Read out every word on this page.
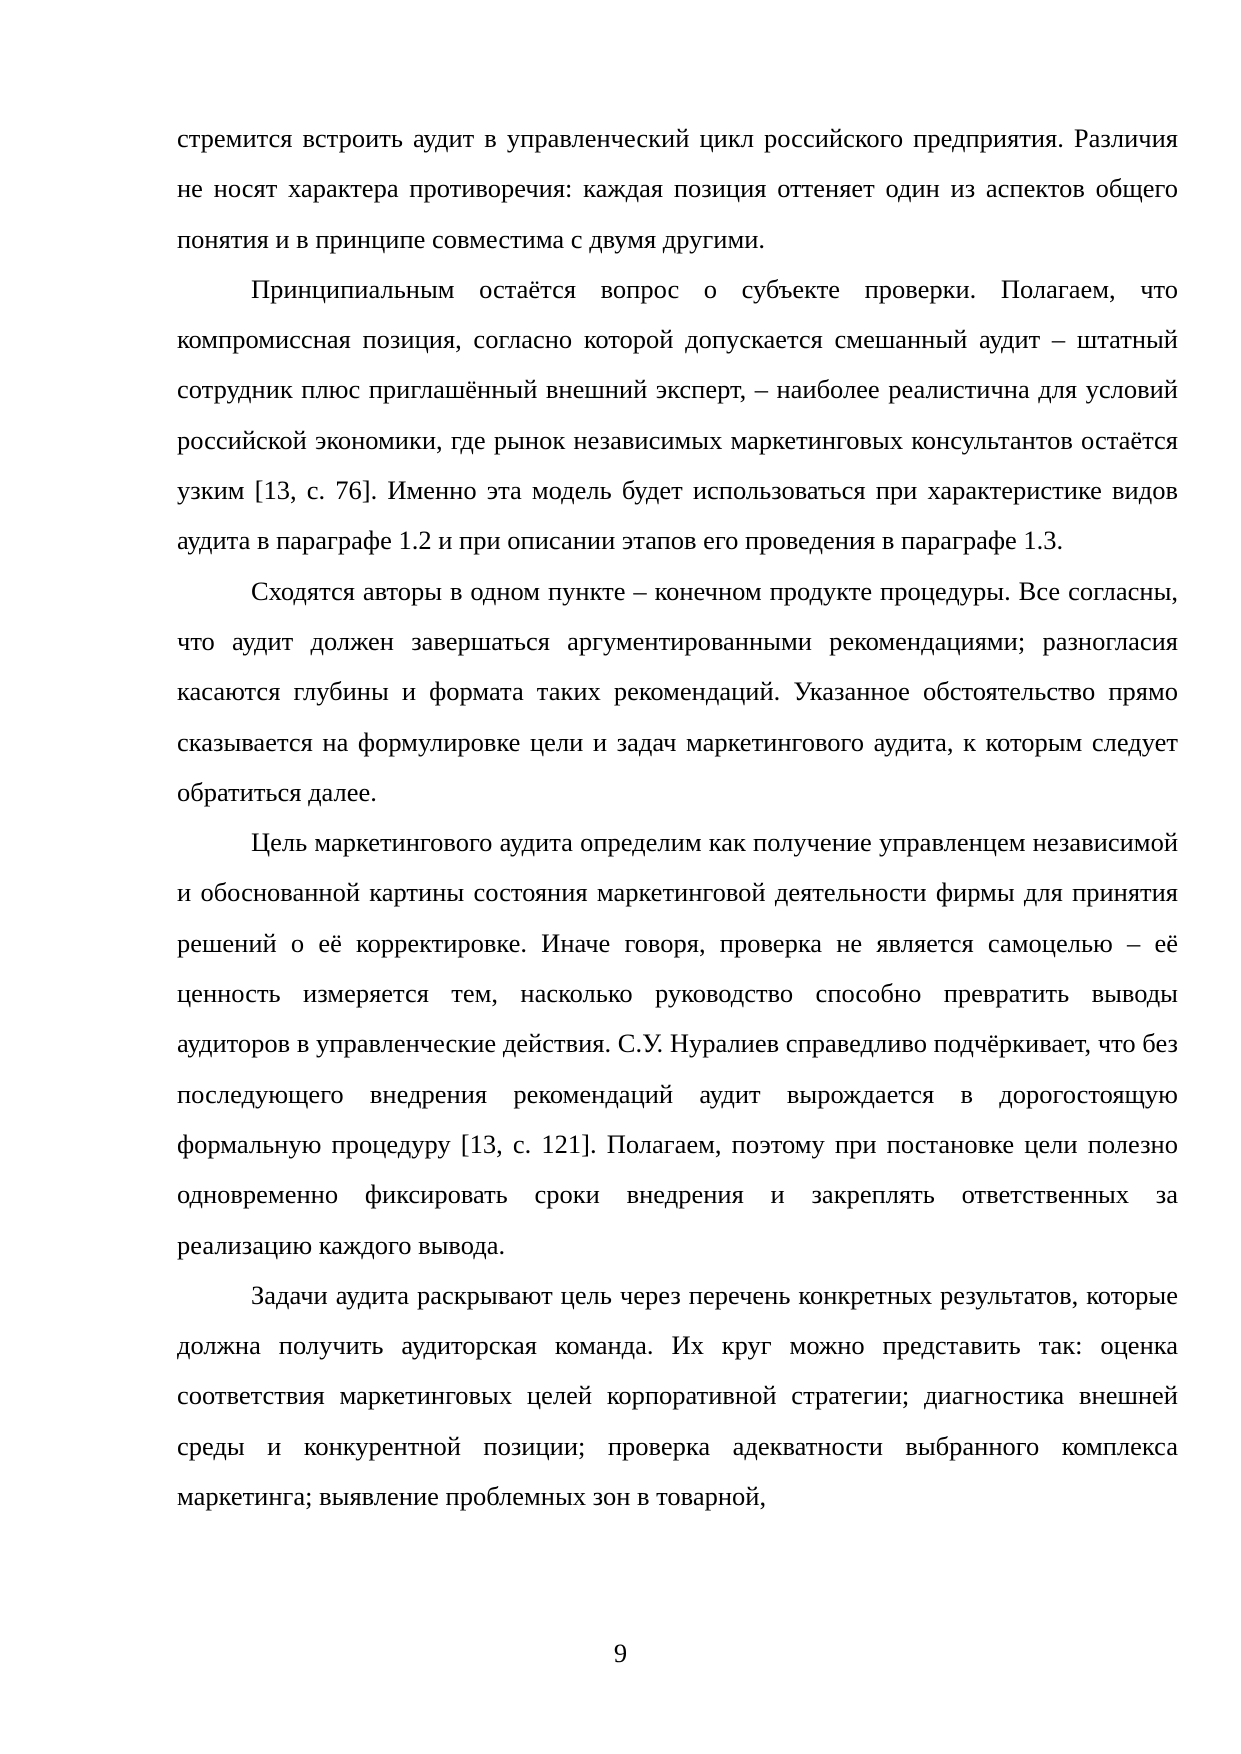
стремится встроить аудит в управленческий цикл российского предприятия. Различия не носят характера противоречия: каждая позиция оттеняет один из аспектов общего понятия и в принципе совместима с двумя другими.

Принципиальным остаётся вопрос о субъекте проверки. Полагаем, что компромиссная позиция, согласно которой допускается смешанный аудит – штатный сотрудник плюс приглашённый внешний эксперт, – наиболее реалистична для условий российской экономики, где рынок независимых маркетинговых консультантов остаётся узким [13, с. 76]. Именно эта модель будет использоваться при характеристике видов аудита в параграфе 1.2 и при описании этапов его проведения в параграфе 1.3.

Сходятся авторы в одном пункте – конечном продукте процедуры. Все согласны, что аудит должен завершаться аргументированными рекомендациями; разногласия касаются глубины и формата таких рекомендаций. Указанное обстоятельство прямо сказывается на формулировке цели и задач маркетингового аудита, к которым следует обратиться далее.

Цель маркетингового аудита определим как получение управленцем независимой и обоснованной картины состояния маркетинговой деятельности фирмы для принятия решений о её корректировке. Иначе говоря, проверка не является самоцелью – её ценность измеряется тем, насколько руководство способно превратить выводы аудиторов в управленческие действия. С.У. Нуралиев справедливо подчёркивает, что без последующего внедрения рекомендаций аудит вырождается в дорогостоящую формальную процедуру [13, с. 121]. Полагаем, поэтому при постановке цели полезно одновременно фиксировать сроки внедрения и закреплять ответственных за реализацию каждого вывода.

Задачи аудита раскрывают цель через перечень конкретных результатов, которые должна получить аудиторская команда. Их круг можно представить так: оценка соответствия маркетинговых целей корпоративной стратегии; диагностика внешней среды и конкурентной позиции; проверка адекватности выбранного комплекса маркетинга; выявление проблемных зон в товарной,

9
